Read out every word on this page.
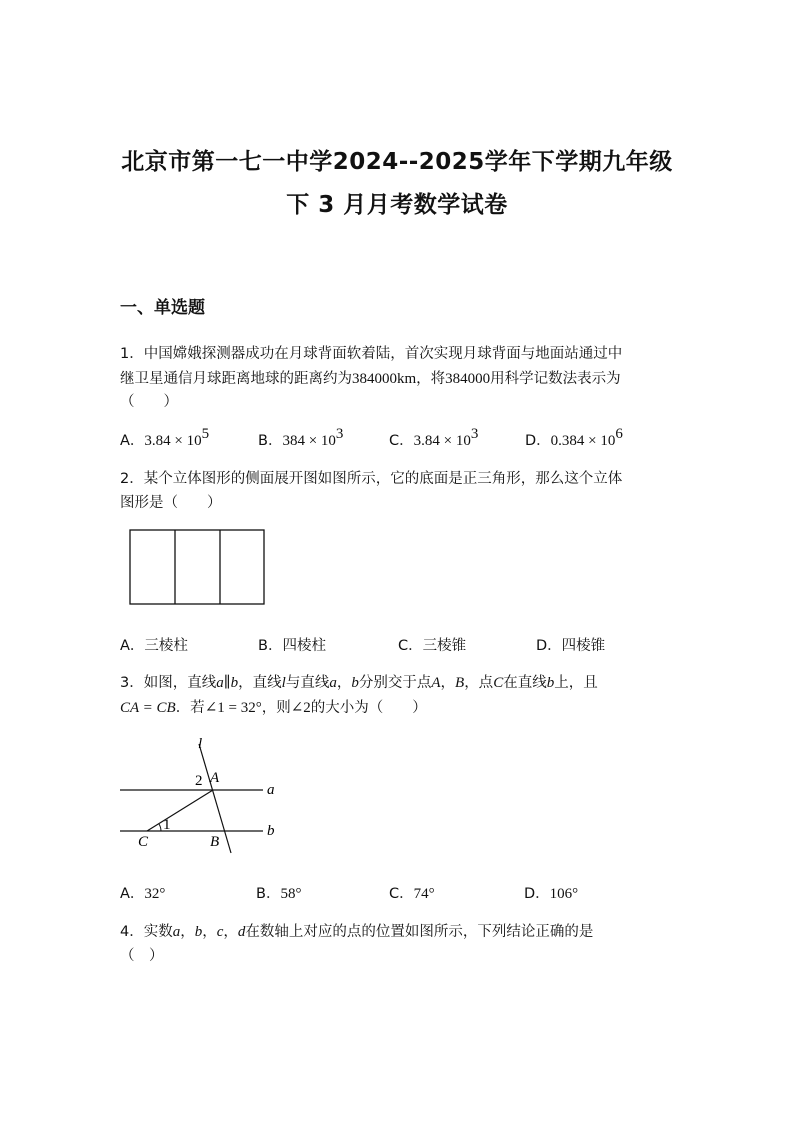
北京市第一七一中学2024--2025学年下学期九年级
下 3 月月考数学试卷
一、单选题
1．中国嫦娥探测器成功在月球背面软着陆，首次实现月球背面与地面站通过中
继卫星通信月球距离地球的距离约为384000km，将384000用科学记数法表示为
（　　）
A．$3.84 \times 10^5$	B．$384 \times 10^3$	C．$3.84 \times 10^3$	D．$0.384 \times 10^6$
2．某个立体图形的侧面展开图如图所示，它的底面是正三角形，那么这个立体
图形是（　　）
A．三棱柱	B．四棱柱	C．三棱锥	D．四棱锥
3．如图，直线a∥b，直线l与直线a，b分别交于点A，B，点C在直线b上，且
CA = CB．若∠1 = 32°，则∠2的大小为（　　）
l
2 A
a
1	b
C	B
A．32°	B．58°	C．74°	D．106°
4．实数a，b，c，d在数轴上对应的点的位置如图所示，下列结论正确的是
（　）
